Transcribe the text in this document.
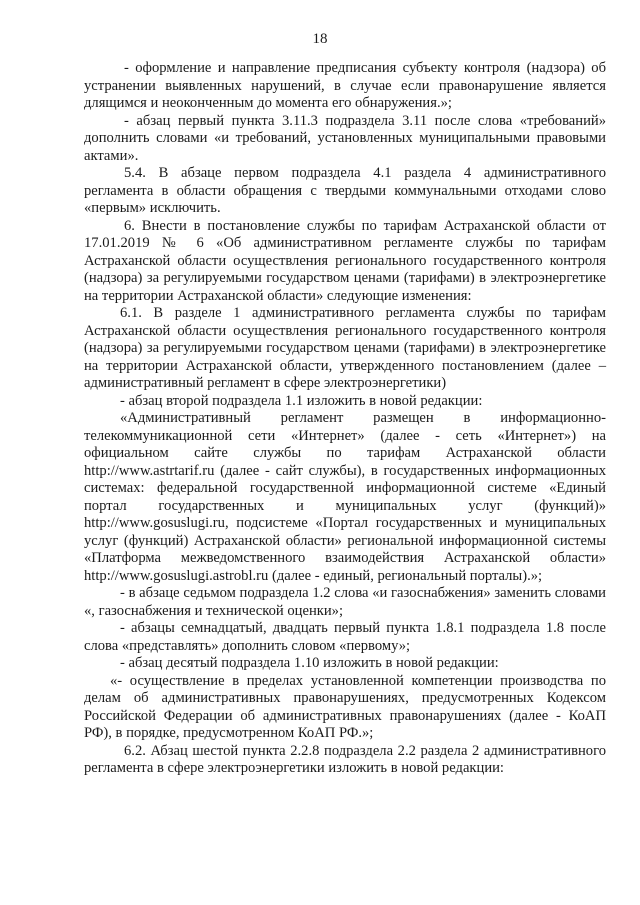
18

- оформление и направление предписания субъекту контроля (надзора) об устранении выявленных нарушений, в случае если правонарушение является длящимся и неоконченным до момента его обнаружения.»;

- абзац первый пункта 3.11.3 подраздела 3.11 после слова «требований» дополнить словами «и требований, установленных муниципальными правовыми актами».

5.4. В абзаце первом подраздела 4.1 раздела 4 административного регламента в области обращения с твердыми коммунальными отходами слово «первым» исключить.

6. Внести в постановление службы по тарифам Астраханской области от 17.01.2019 № 6 «Об административном регламенте службы по тарифам Астраханской области осуществления регионального государственного контроля (надзора) за регулируемыми государством ценами (тарифами) в электроэнергетике на территории Астраханской области» следующие изменения:

6.1. В разделе 1 административного регламента службы по тарифам Астраханской области осуществления регионального государственного контроля (надзора) за регулируемыми государством ценами (тарифами) в электроэнергетике на территории Астраханской области, утвержденного постановлением (далее – административный регламент в сфере электроэнергетики)

- абзац второй подраздела 1.1 изложить в новой редакции:

«Административный регламент размещен в информационно-телекоммуникационной сети «Интернет» (далее - сеть «Интернет») на официальном сайте службы по тарифам Астраханской области http://www.astrtarif.ru (далее - сайт службы), в государственных информационных системах: федеральной государственной информационной системе «Единый портал государственных и муниципальных услуг (функций)» http://www.gosuslugi.ru, подсистеме «Портал государственных и муниципальных услуг (функций) Астраханской области» региональной информационной системы «Платформа межведомственного взаимодействия Астраханской области» http://www.gosuslugi.astrobl.ru (далее - единый, региональный порталы).»;

- в абзаце седьмом подраздела 1.2 слова «и газоснабжения» заменить словами «, газоснабжения и технической оценки»;

- абзацы семнадцатый, двадцать первый пункта 1.8.1 подраздела 1.8 после слова «представлять» дополнить словом «первому»;

- абзац десятый подраздела 1.10 изложить в новой редакции:

«- осуществление в пределах установленной компетенции производства по делам об административных правонарушениях, предусмотренных Кодексом Российской Федерации об административных правонарушениях (далее - КоАП РФ), в порядке, предусмотренном КоАП РФ.»;

6.2. Абзац шестой пункта 2.2.8 подраздела 2.2 раздела 2 административного регламента в сфере электроэнергетики изложить в новой редакции:
